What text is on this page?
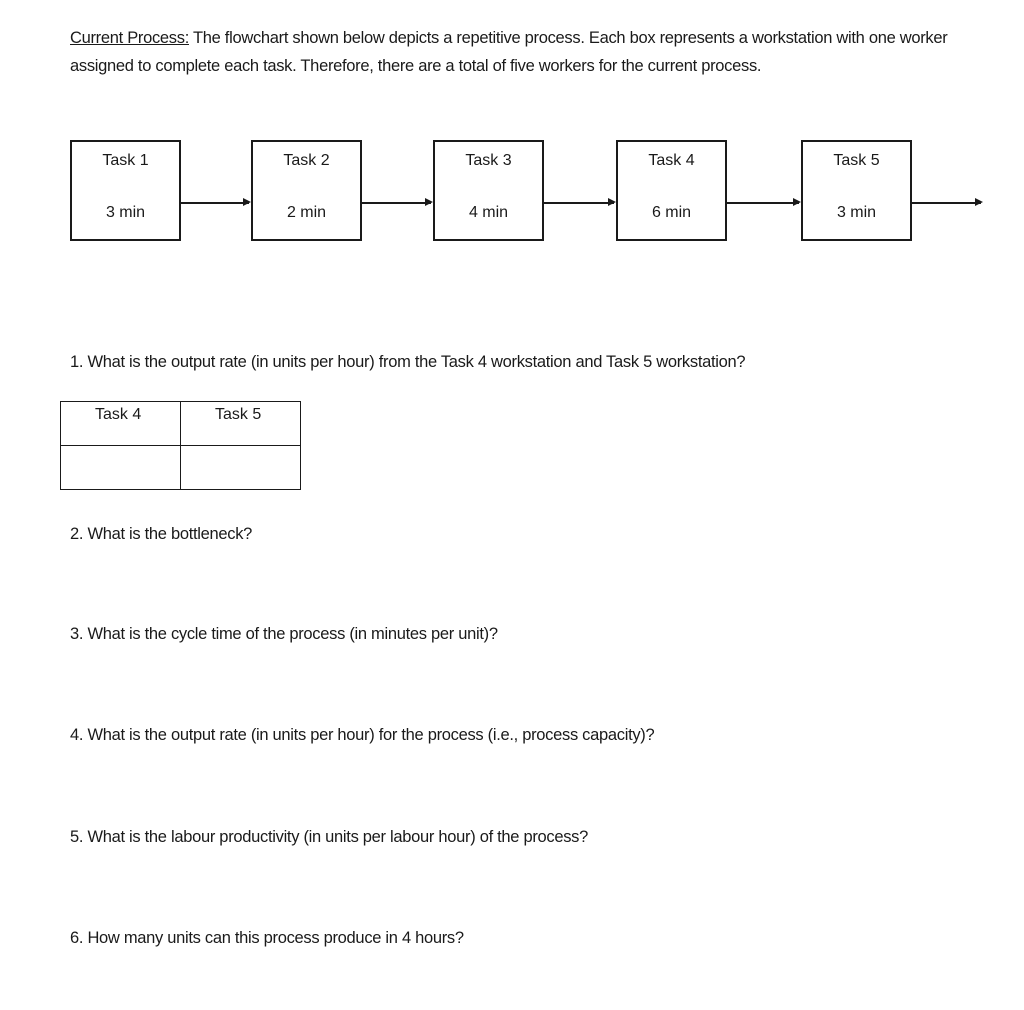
Current Process: The flowchart shown below depicts a repetitive process. Each box represents a workstation with one worker assigned to complete each task. Therefore, there are a total of five workers for the current process.
Task 1
3 min
Task 2
2 min
Task 3
4 min
Task 4
6 min
Task 5
3 min
1. What is the output rate (in units per hour) from the Task 4 workstation and Task 5 workstation?
Task 4	Task 5

2. What is the bottleneck?
3. What is the cycle time of the process (in minutes per unit)?
4. What is the output rate (in units per hour) for the process (i.e., process capacity)?
5. What is the labour productivity (in units per labour hour) of the process?
6. How many units can this process produce in 4 hours?
